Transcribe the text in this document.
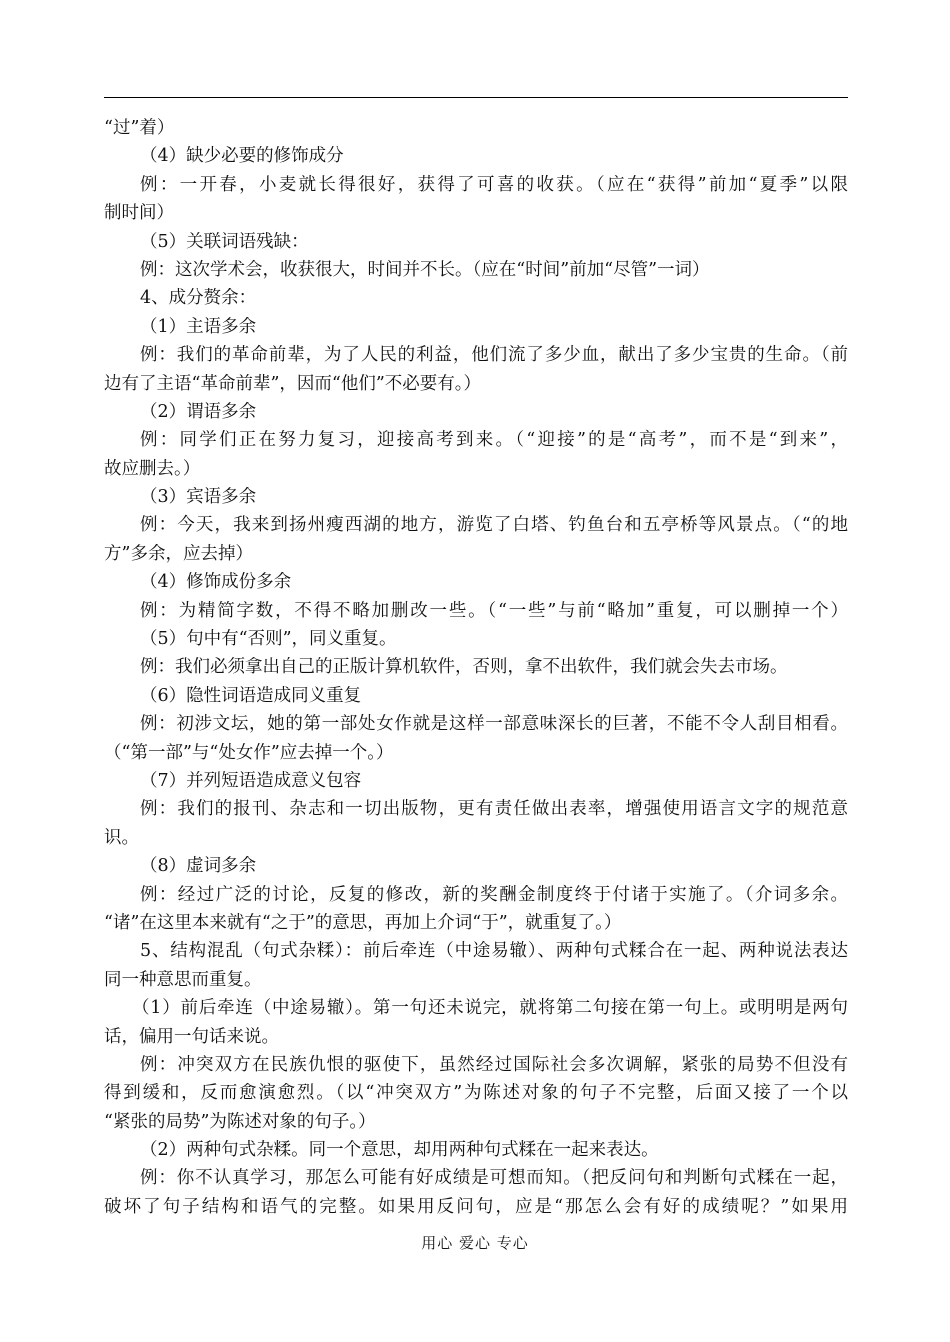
“过”着）
（4）缺少必要的修饰成分
例：一开春，小麦就长得很好，获得了可喜的收获。（应在“获得”前加“夏季”以限
制时间）
（5）关联词语残缺：
例：这次学术会，收获很大，时间并不长。（应在“时间”前加“尽管”一词）
4、成分赘余：
（1）主语多余
例：我们的革命前辈，为了人民的利益，他们流了多少血，献出了多少宝贵的生命。（前
边有了主语“革命前辈”，因而“他们”不必要有。）
（2）谓语多余
例：同学们正在努力复习，迎接高考到来。（“迎接”的是“高考”，而不是“到来”，
故应删去。）
（3）宾语多余
例：今天，我来到扬州瘦西湖的地方，游览了白塔、钓鱼台和五亭桥等风景点。（“的地
方”多余，应去掉）
（4）修饰成份多余
例：为精简字数，不得不略加删改一些。（“一些”与前“略加”重复，可以删掉一个）
（5）句中有“否则”，同义重复。
例：我们必须拿出自己的正版计算机软件，否则，拿不出软件，我们就会失去市场。
（6）隐性词语造成同义重复
例：初涉文坛，她的第一部处女作就是这样一部意味深长的巨著，不能不令人刮目相看。
（“第一部”与“处女作”应去掉一个。）
（7）并列短语造成意义包容
例：我们的报刊、杂志和一切出版物，更有责任做出表率，增强使用语言文字的规范意
识。
（8）虚词多余
例：经过广泛的讨论，反复的修改，新的奖酬金制度终于付诸于实施了。（介词多余。
“诸”在这里本来就有“之于”的意思，再加上介词“于”，就重复了。）
5、结构混乱（句式杂糅）：前后牵连（中途易辙）、两种句式糅合在一起、两种说法表达
同一种意思而重复。
（1）前后牵连（中途易辙）。第一句还未说完，就将第二句接在第一句上。或明明是两句
话，偏用一句话来说。
例：冲突双方在民族仇恨的驱使下，虽然经过国际社会多次调解，紧张的局势不但没有
得到缓和，反而愈演愈烈。（以“冲突双方”为陈述对象的句子不完整，后面又接了一个以
“紧张的局势”为陈述对象的句子。）
（2）两种句式杂糅。同一个意思，却用两种句式糅在一起来表达。
例：你不认真学习，那怎么可能有好成绩是可想而知。（把反问句和判断句式糅在一起，
破坏了句子结构和语气的完整。如果用反问句，应是“那怎么会有好的成绩呢？”如果用
用心 爱心 专心
